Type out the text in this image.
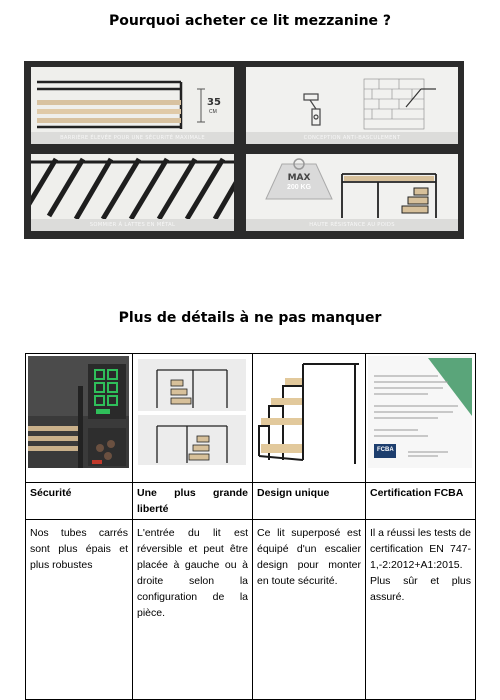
Pourquoi acheter ce lit mezzanine ?
35
CM
BARRIÈRE ÉLEVÉE POUR UNE SÉCURITÉ MAXIMALE	CONCEPTION ANTI-BASCULEMENT
SOMMIER À LATTES EN MÉTAL
MAX
200 KG
HAUTE RÉSISTANCE AU POIDS
Plus de détails à ne pas manquer

FCBA

Sécurité	Une plus grande liberté	Design unique	Certification FCBA
Nos tubes carrés sont plus épais et plus robustes	L'entrée du lit est réversible et peut être placée à gauche ou à droite selon la configuration de la pièce.	Ce lit superposé est équipé d'un escalier design pour monter en toute sécurité.	Il a réussi les tests de certification EN 747-1,-2:2012+A1:2015. Plus sûr et plus assuré.
